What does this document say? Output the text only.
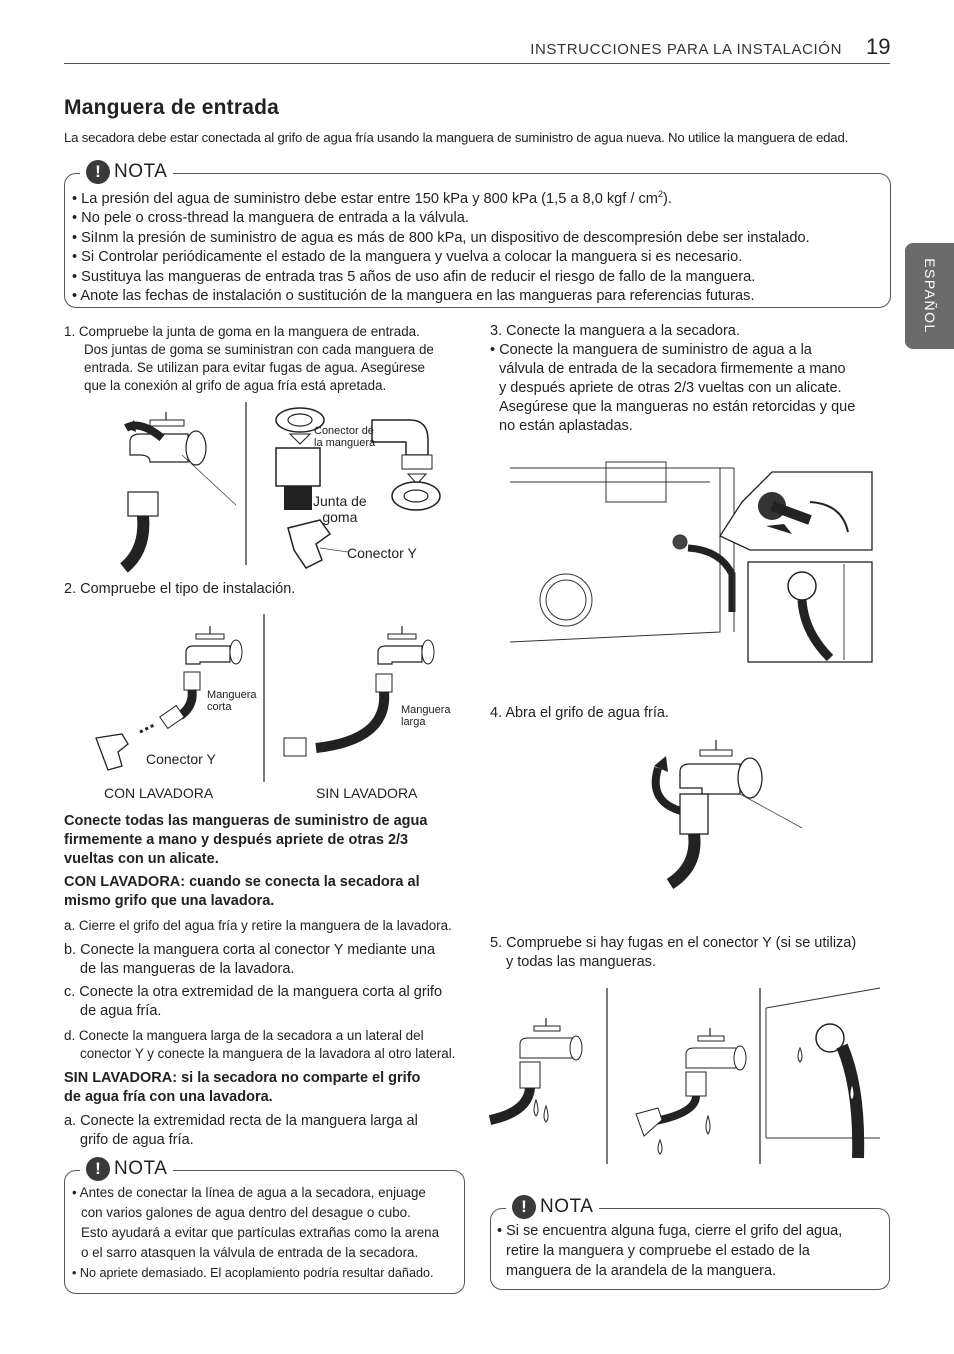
INSTRUCCIONES PARA LA INSTALACIÓN 19
ESPAÑOL
Manguera de entrada
La secadora debe estar conectada al grifo de agua fría usando la manguera de suministro de agua nueva. No utilice la manguera de edad.
! NOTA
• La presión del agua de suministro debe estar entre 150 kPa y 800 kPa (1,5 a 8,0 kgf / $cm^2$).
• No pele o cross-thread la manguera de entrada a la válvula.
• SiInm la presión de suministro de agua es más de 800 kPa, un dispositivo de descompresión debe ser instalado.
• Si Controlar periódicamente el estado de la manguera y vuelva a colocar la manguera si es necesario.
• Sustituya las mangueras de entrada tras 5 años de uso afin de reducir el riesgo de fallo de la manguera.
• Anote las fechas de instalación o sustitución de la manguera en las mangueras para referencias futuras.
1. Compruebe la junta de goma en la manguera de entrada.
Dos juntas de goma se suministran con cada manguera de
entrada. Se utilizan para evitar fugas de agua. Asegúrese
que la conexión al grifo de agua fría está apretada.
Conector de
la manguera
Junta de
goma
Conector Y
2. Compruebe el tipo de instalación.
Manguera
corta	Manguera
larga
Conector Y
CON LAVADORA	SIN LAVADORA
Conecte todas las mangueras de suministro de agua
firmemente a mano y después apriete de otras 2/3
vueltas con un alicate.
CON LAVADORA: cuando se conecta la secadora al
mismo grifo que una lavadora.
a. Cierre el grifo del agua fría y retire la manguera de la lavadora.
b. Conecte la manguera corta al conector Y mediante una
de las mangueras de la lavadora.
c. Conecte la otra extremidad de la manguera corta al grifo
de agua fría.
d. Conecte la manguera larga de la secadora a un lateral del
conector Y y conecte la manguera de la lavadora al otro lateral.
SIN LAVADORA: si la secadora no comparte el grifo
de agua fría con una lavadora.
a. Conecte la extremidad recta de la manguera larga al
grifo de agua fría.
! NOTA
• Antes de conectar la línea de agua a la secadora, enjuage
con varios galones de agua dentro del desague o cubo.
Esto ayudará a evitar que partículas extrañas como la arena
o el sarro atasquen la válvula de entrada de la secadora.
• No apriete demasiado. El acoplamiento podría resultar dañado.
3. Conecte la manguera a la secadora.
• Conecte la manguera de suministro de agua a la
válvula de entrada de la secadora firmemente a mano
y después apriete de otras 2/3 vueltas con un alicate.
Asegúrese que la mangueras no están retorcidas y que
no están aplastadas.
4. Abra el grifo de agua fría.
5. Compruebe si hay fugas en el conector Y (si se utiliza)
y todas las mangueras.
! NOTA
• Si se encuentra alguna fuga, cierre el grifo del agua,
retire la manguera y compruebe el estado de la
manguera de la arandela de la manguera.
